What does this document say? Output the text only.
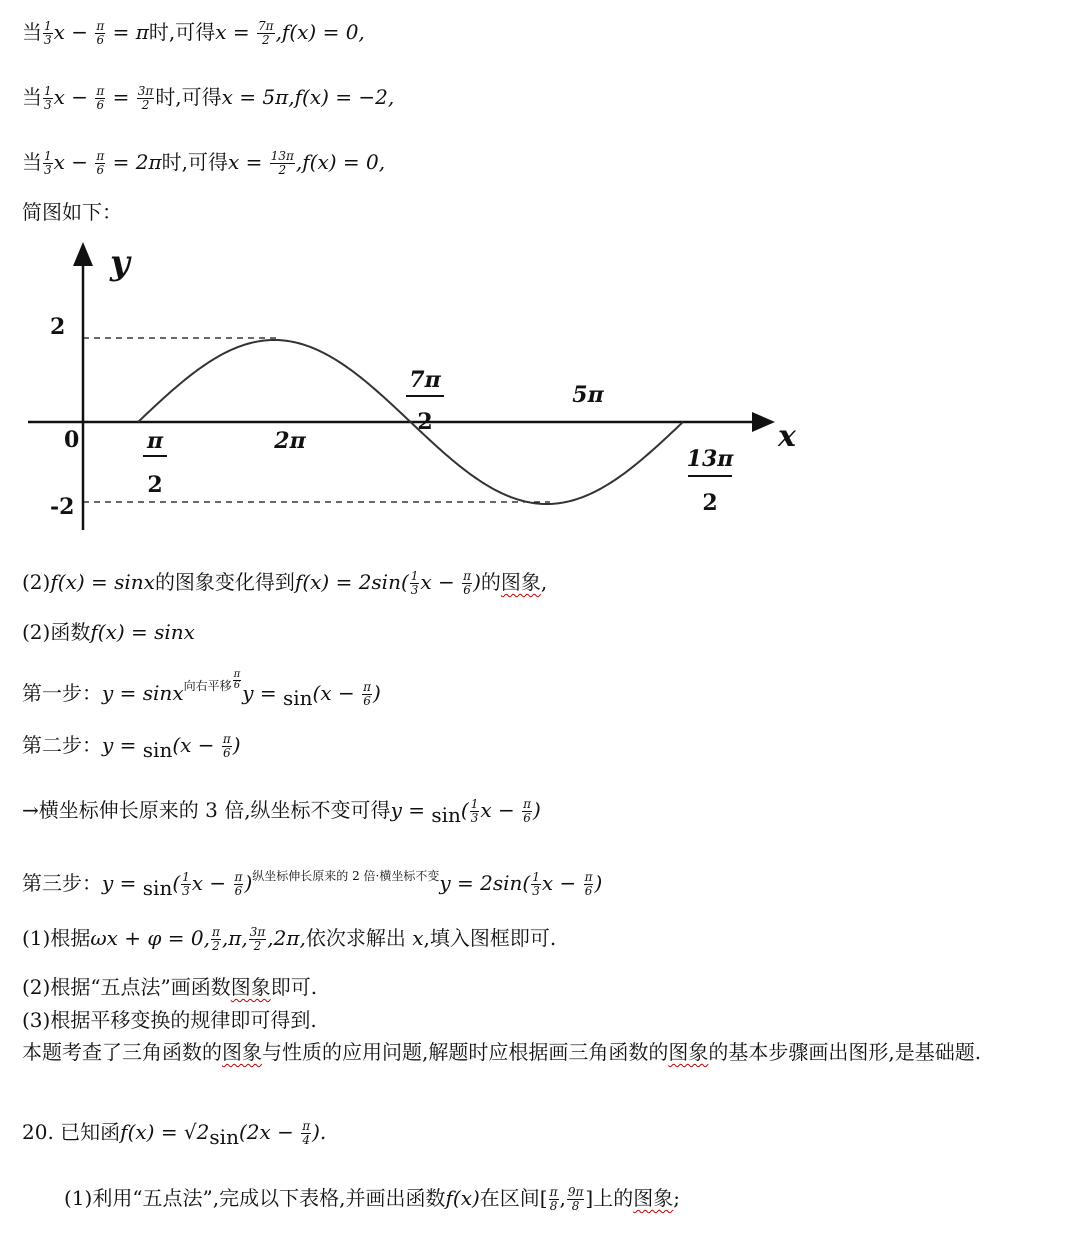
当 $\frac{1}{3}$ $x - \frac{\pi}{6} = \pi$时,可得$x = \frac{7\pi}{2} ,f(x) = 0$,
当 $\frac{1}{3}$ $x - \frac{\pi}{6} = \frac{3\pi}{2}$ 时,可得x = 5π,f(x) = −2,
当 $\frac{1}{3}$ $x - \frac{\pi}{6} = 2\pi$时,可得$x = \frac{13\pi}{2} ,f(x) = 0$,
简图如下：
y
x
0
2
-2
π
2
2π
7π
2
5π
13π
2
(2)f(x) = sinx的图象变化得到$f(x) = 2\sin( \frac{1}{3}$ $x - \frac{\pi}{6}$ )的图象,
(2)函数f(x) = sinx
第一步：$y = \sin x^{向右平移} \frac{\pi}{6}$
$y = \sin(x - \frac{\pi}{6}$ )
第二步：$y = \sin(x - \frac{\pi}{6}$ )
→横坐标伸长原来的 3 倍,纵坐标不变可得$y = \sin( \frac{1}{3}$ $x - \frac{\pi}{6}$ )
第三步：$y = \sin( \frac{1}{3}$ $x - \frac{\pi}{6} )^{纵坐标伸长原来的 2 倍\cdot 横坐标不变}y = 2\sin( \frac{1}{3}$ $x - \frac{\pi}{6}$ )
(1)根据ωx + φ = 0, $\frac{\pi}{2} ,\pi$, $\frac{3\pi}{2} ,2\pi$,依次求解出 x,填入图框即可.
(2)根据“五点法”画函数图象即可.
(3)根据平移变换的规律即可得到.
本题考查了三角函数的图象与性质的应用问题,解题时应根据画三角函数的图象的基本步骤画出图形,是基础题.
20. 已知函$f(x) = √2\sin(2x - \frac{\pi}{4}$ ).
(1)利用“五点法”,完成以下表格,并画出函数f(x)在区间[ $\frac{\pi}{8}$ , $\frac{9\pi}{8}$ ]上的图象;
